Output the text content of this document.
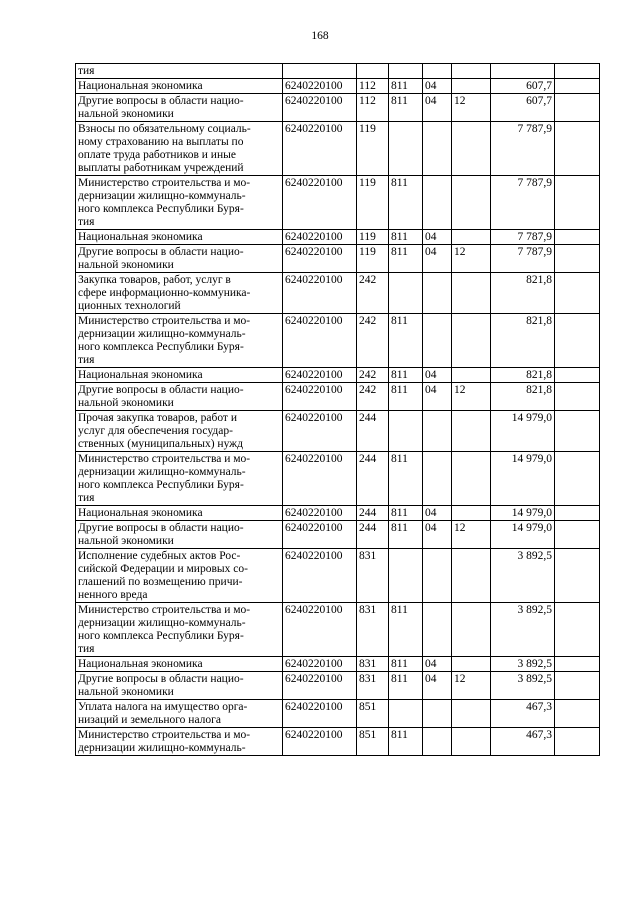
168
тия							
Национальная экономика	6240220100	112	811	04		607,7	
Другие вопросы в области нацио-
нальной экономики	6240220100	112	811	04	12	607,7	
Взносы по обязательному социаль-
ному страхованию на выплаты по
оплате труда работников и иные
выплаты работникам учреждений	6240220100	119				7 787,9	
Министерство строительства и мо-
дернизации жилищно-коммуналь-
ного комплекса Республики Буря-
тия	6240220100	119	811			7 787,9	
Национальная экономика	6240220100	119	811	04		7 787,9	
Другие вопросы в области нацио-
нальной экономики	6240220100	119	811	04	12	7 787,9	
Закупка товаров, работ, услуг в
сфере информационно-коммуника-
ционных технологий	6240220100	242				821,8	
Министерство строительства и мо-
дернизации жилищно-коммуналь-
ного комплекса Республики Буря-
тия	6240220100	242	811			821,8	
Национальная экономика	6240220100	242	811	04		821,8	
Другие вопросы в области нацио-
нальной экономики	6240220100	242	811	04	12	821,8	
Прочая закупка товаров, работ и
услуг для обеспечения государ-
ственных (муниципальных) нужд	6240220100	244				14 979,0	
Министерство строительства и мо-
дернизации жилищно-коммуналь-
ного комплекса Республики Буря-
тия	6240220100	244	811			14 979,0	
Национальная экономика	6240220100	244	811	04		14 979,0	
Другие вопросы в области нацио-
нальной экономики	6240220100	244	811	04	12	14 979,0	
Исполнение судебных актов Рос-
сийской Федерации и мировых со-
глашений по возмещению причи-
ненного вреда	6240220100	831				3 892,5	
Министерство строительства и мо-
дернизации жилищно-коммуналь-
ного комплекса Республики Буря-
тия	6240220100	831	811			3 892,5	
Национальная экономика	6240220100	831	811	04		3 892,5	
Другие вопросы в области нацио-
нальной экономики	6240220100	831	811	04	12	3 892,5	
Уплата налога на имущество орга-
низаций и земельного налога	6240220100	851				467,3	
Министерство строительства и мо-
дернизации жилищно-коммуналь-	6240220100	851	811			467,3	
